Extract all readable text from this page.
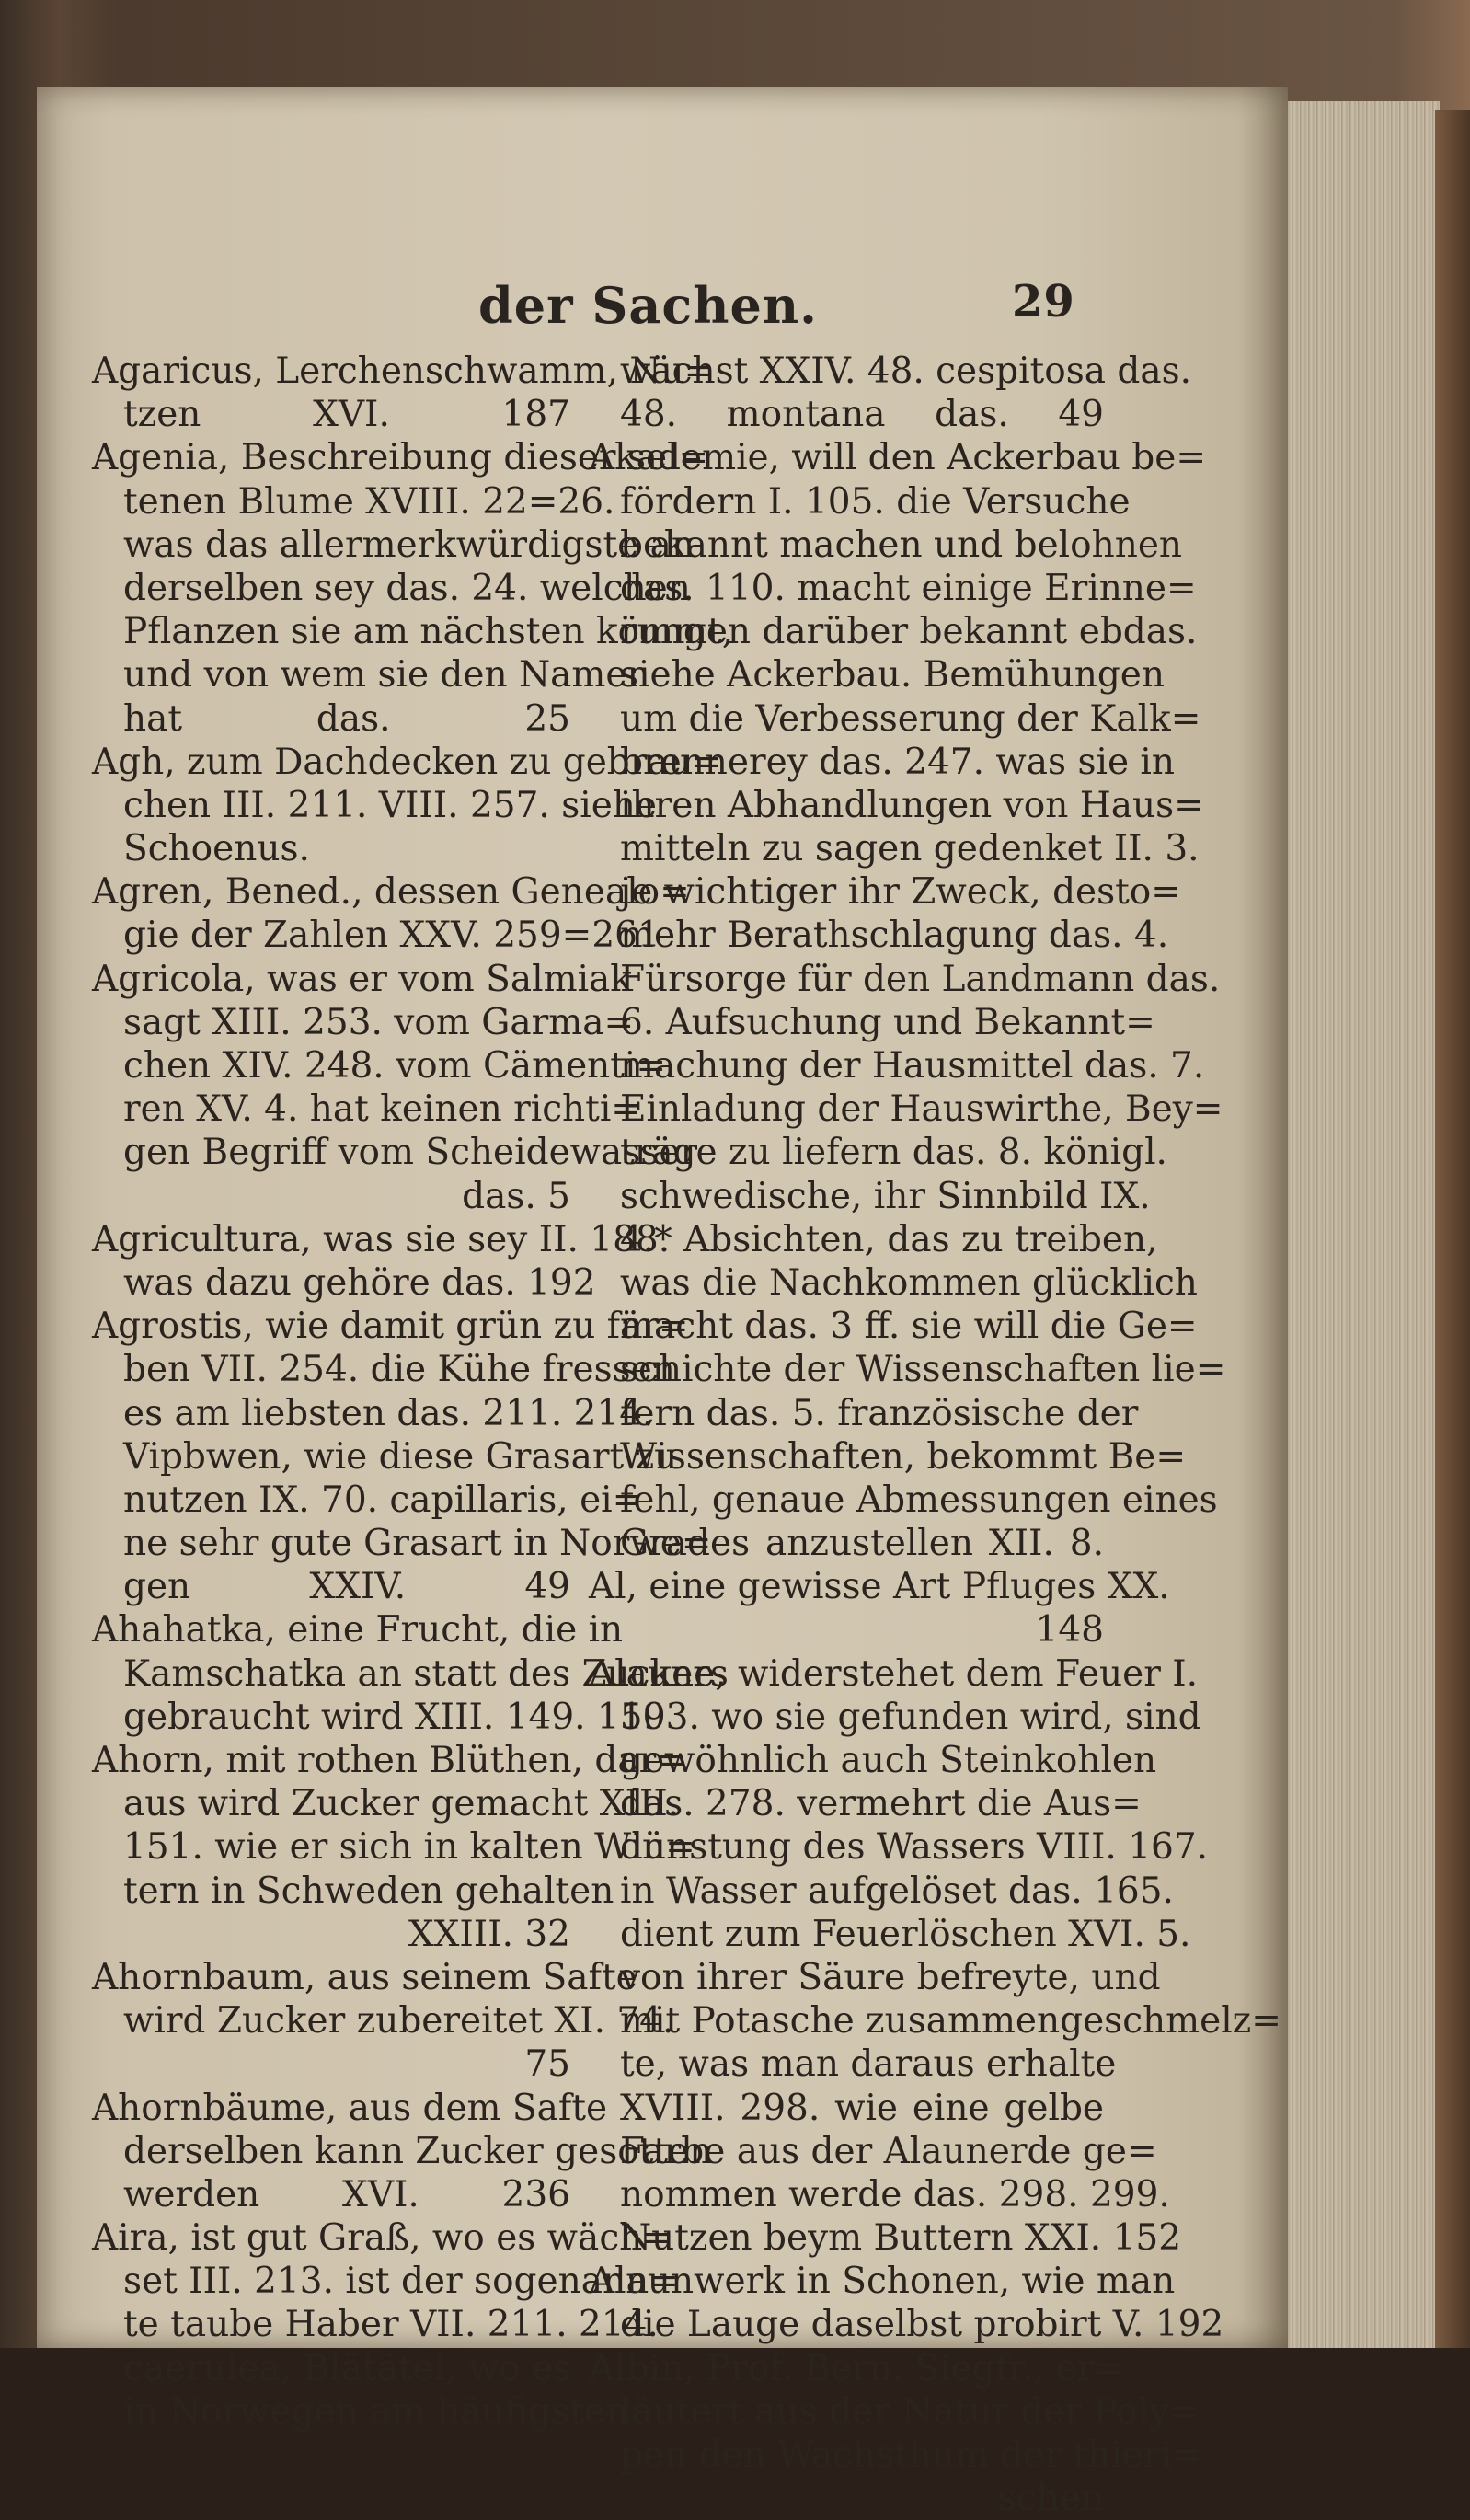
der Sachen.	29
Agaricus, Lerchenschwamm, Nu=
tzen XVI. 187
Agenia, Beschreibung dieser sel=
tenen Blume XVIII. 22=26.
was das allermerkwürdigste an
derselben sey das. 24. welchen
Pflanzen sie am nächsten kömmt,
und von wem sie den Namen
hat das. 25
Agh, zum Dachdecken zu gebrau=
chen III. 211. VIII. 257. siehe
Schoenus.
Agren, Bened., dessen Genealo=
gie der Zahlen XXV. 259=261
Agricola, was er vom Salmiak
sagt XIII. 253. vom Garma=
chen XIV. 248. vom Cämenti=
ren XV. 4. hat keinen richti=
gen Begriff vom Scheidewasser
das. 5
Agricultura, was sie sey II. 188.
was dazu gehöre das. 192
Agrostis, wie damit grün zu fär=
ben VII. 254. die Kühe fressen
es am liebsten das. 211. 214.
Vipbwen, wie diese Grasart zu
nutzen IX. 70. capillaris, ei=
ne sehr gute Grasart in Norwe=
gen XXIV. 49
Ahahatka, eine Frucht, die in
Kamschatka an statt des Zuckers
gebraucht wird XIII. 149. 150
Ahorn, mit rothen Blüthen, dar=
aus wird Zucker gemacht XIII.
151. wie er sich in kalten Win=
tern in Schweden gehalten
XXIII. 32
Ahornbaum, aus seinem Safte
wird Zucker zubereitet XI. 74.
75
Ahornbäume, aus dem Safte
derselben kann Zucker gesotten
werden XVI. 236
Aira, ist gut Graß, wo es wäch=
set III. 213. ist der sogenann=
te taube Haber VII. 211. 214.
caerulea, Blätätel, wo es
in Norwegen am häufigsten
wächst XXIV. 48. cespitosa das.
48. montana das. 49
Akademie, will den Ackerbau be=
fördern I. 105. die Versuche
bekannt machen und belohnen
das. 110. macht einige Erinne=
rungen darüber bekannt ebdas.
siehe Ackerbau. Bemühungen
um die Verbesserung der Kalk=
brennerey das. 247. was sie in
ihren Abhandlungen von Haus=
mitteln zu sagen gedenket II. 3.
je wichtiger ihr Zweck, desto=
mehr Berathschlagung das. 4.
Fürsorge für den Landmann das.
6. Aufsuchung und Bekannt=
machung der Hausmittel das. 7.
Einladung der Hauswirthe, Bey=
träge zu liefern das. 8. königl.
schwedische, ihr Sinnbild IX.
4.* Absichten, das zu treiben,
was die Nachkommen glücklich
macht das. 3 ff. sie will die Ge=
schichte der Wissenschaften lie=
fern das. 5. französische der
Wissenschaften, bekommt Be=
fehl, genaue Abmessungen eines
Grades anzustellen XII. 8.
Al, eine gewisse Art Pfluges XX.
148
Alaune, widerstehet dem Feuer I.
193. wo sie gefunden wird, sind
gewöhnlich auch Steinkohlen
das. 278. vermehrt die Aus=
dünstung des Wassers VIII. 167.
in Wasser aufgelöset das. 165.
dient zum Feuerlöschen XVI. 5.
von ihrer Säure befreyte, und
mit Potasche zusammengeschmelz=
te, was man daraus erhalte
XVIII. 298. wie eine gelbe
Farbe aus der Alaunerde ge=
nommen werde das. 298. 299.
Nutzen beym Buttern XXI. 152
Alaunwerk in Schonen, wie man
die Lauge daselbst probirt V. 192
Albin, Prof. Bern. Siegfr., er=
läutert aus der Natur der Poly=
pen den Wachsthum der thieri=
schen
